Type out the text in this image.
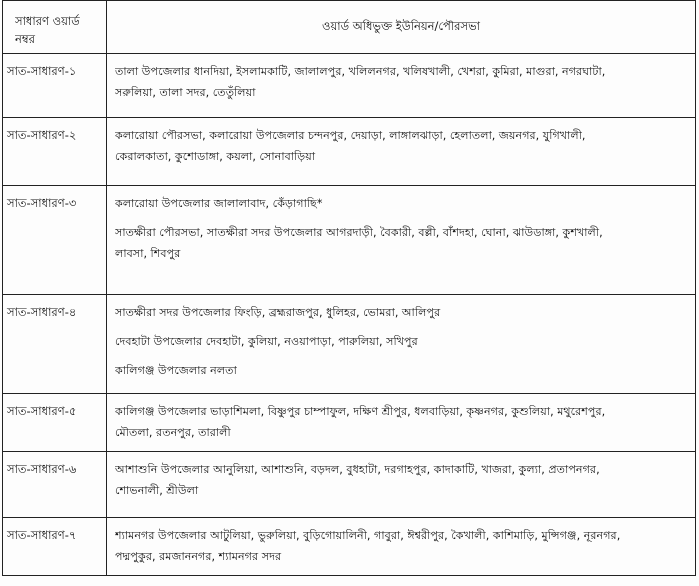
সাধারণ ওয়ার্ড
নম্বর	ওয়ার্ড অধিভুক্ত ইউনিয়ন/পৌরসভা
সাত-সাধারণ-১	তালা উপজেলার ধানদিয়া, ইসলামকাটি, জালালপুর, খলিলনগর, খলিষখালী, খেশরা, কুমিরা, মাগুরা, নগরঘাটা,
সরুলিয়া, তালা সদর, তেতুঁলিয়া

সাত-সাধারণ-২	কলারোয়া পৌরসভা, কলারোয়া উপজেলার চন্দনপুর, দেয়াড়া, লাঙ্গালঝাড়া, হেলাতলা, জয়নগর, যুগিখালী,
কেরালকাতা, কুশোডাঙ্গা, কয়লা, সোনাবাড়িয়া

সাত-সাধারণ-৩	কলারোয়া উপজেলার জালালাবাদ, কেঁড়াগাছি*
সাতক্ষীরা পৌরসভা, সাতক্ষীরা সদর উপজেলার আগরদাড়ী, বৈকারী, বল্লী, বাঁশদহা, ঘোনা, ঝাউডাঙ্গা, কুশখালী,
লাবসা, শিবপুর

সাত-সাধারণ-৪	সাতক্ষীরা সদর উপজেলার ফিংড়ি, ব্রহ্মরাজপুর, ধুলিহর, ভোমরা, আলিপুর
দেবহাটা উপজেলার দেবহাটা, কুলিয়া, নওয়াপাড়া, পারুলিয়া, সখিপুর
কালিগঞ্জ উপজেলার নলতা

সাত-সাধারণ-৫	কালিগঞ্জ উপজেলার ভাড়াশিমলা, বিষ্ণুপুর চাম্পাফুল, দক্ষিণ শ্রীপুর, ধলবাড়িয়া, কৃষ্ণনগর, কুশুলিয়া, মথুরেশপুর,
মৌতলা, রতনপুর, তারালী

সাত-সাধারণ-৬	আশাশুনি উপজেলার আনুলিয়া, আশাশুনি, বড়দল, বুধহাটা, দরগাহপুর, কাদাকাটি, খাজরা, কুল্যা, প্রতাপনগর,
শোভনালী, শ্রীউলা

সাত-সাধারণ-৭	শ্যামনগর উপজেলার আটুলিয়া, ভুরুলিয়া, বুড়িগোয়ালিনী, গাবুরা, ঈশ্বরীপুর, কৈখালী, কাশিমাড়ি, মুন্সিগঞ্জ, নূরনগর,
পদ্মপুকুর, রমজাননগর, শ্যামনগর সদর
